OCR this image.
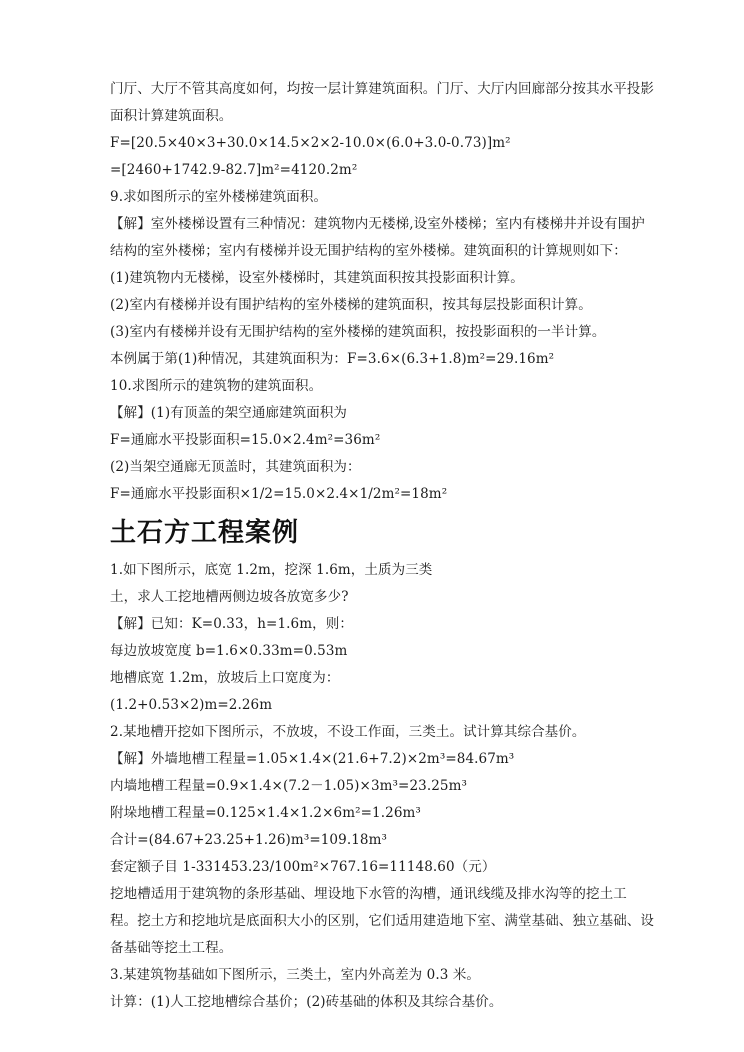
门厅、大厅不管其高度如何，均按一层计算建筑面积。门厅、大厅内回廊部分按其水平投影

面积计算建筑面积。

F=[20.5×40×3+30.0×14.5×2×2-10.0×(6.0+3.0-0.73)]m²

=[2460+1742.9-82.7]m²=4120.2m²

9.求如图所示的室外楼梯建筑面积。

【解】室外楼梯设置有三种情况：建筑物内无楼梯,设室外楼梯；室内有楼梯井并设有围护

结构的室外楼梯；室内有楼梯并设无围护结构的室外楼梯。建筑面积的计算规则如下：

(1)建筑物内无楼梯，设室外楼梯时，其建筑面积按其投影面积计算。

(2)室内有楼梯并设有围护结构的室外楼梯的建筑面积，按其每层投影面积计算。

(3)室内有楼梯并设有无围护结构的室外楼梯的建筑面积，按投影面积的一半计算。

本例属于第(1)种情况，其建筑面积为：F=3.6×(6.3+1.8)m²=29.16m²

10.求图所示的建筑物的建筑面积。

【解】(1)有顶盖的架空通廊建筑面积为

F=通廊水平投影面积=15.0×2.4m²=36m²

(2)当架空通廊无顶盖时，其建筑面积为：

F=通廊水平投影面积×1/2=15.0×2.4×1/2m²=18m²

土石方工程案例

1.如下图所示，底宽 1.2m，挖深 1.6m，土质为三类

土，求人工挖地槽两侧边坡各放宽多少?

【解】已知：K=0.33，h=1.6m，则：

每边放坡宽度 b=1.6×0.33m=0.53m

地槽底宽 1.2m，放坡后上口宽度为：

(1.2+0.53×2)m=2.26m

2.某地槽开挖如下图所示，不放坡，不设工作面，三类土。试计算其综合基价。

【解】外墙地槽工程量=1.05×1.4×(21.6+7.2)×2m³=84.67m³

内墙地槽工程量=0.9×1.4×(7.2－1.05)×3m³=23.25m³

附垛地槽工程量=0.125×1.4×1.2×6m²=1.26m³

合计=(84.67+23.25+1.26)m³=109.18m³

套定额子目 1-331453.23/100m²×767.16=11148.60（元）

挖地槽适用于建筑物的条形基础、埋设地下水管的沟槽，通讯线缆及排水沟等的挖土工

程。挖土方和挖地坑是底面积大小的区别，它们适用建造地下室、满堂基础、独立基础、设

备基础等挖土工程。

3.某建筑物基础如下图所示，三类土，室内外高差为 0.3 米。

计算：(1)人工挖地槽综合基价；(2)砖基础的体积及其综合基价。
